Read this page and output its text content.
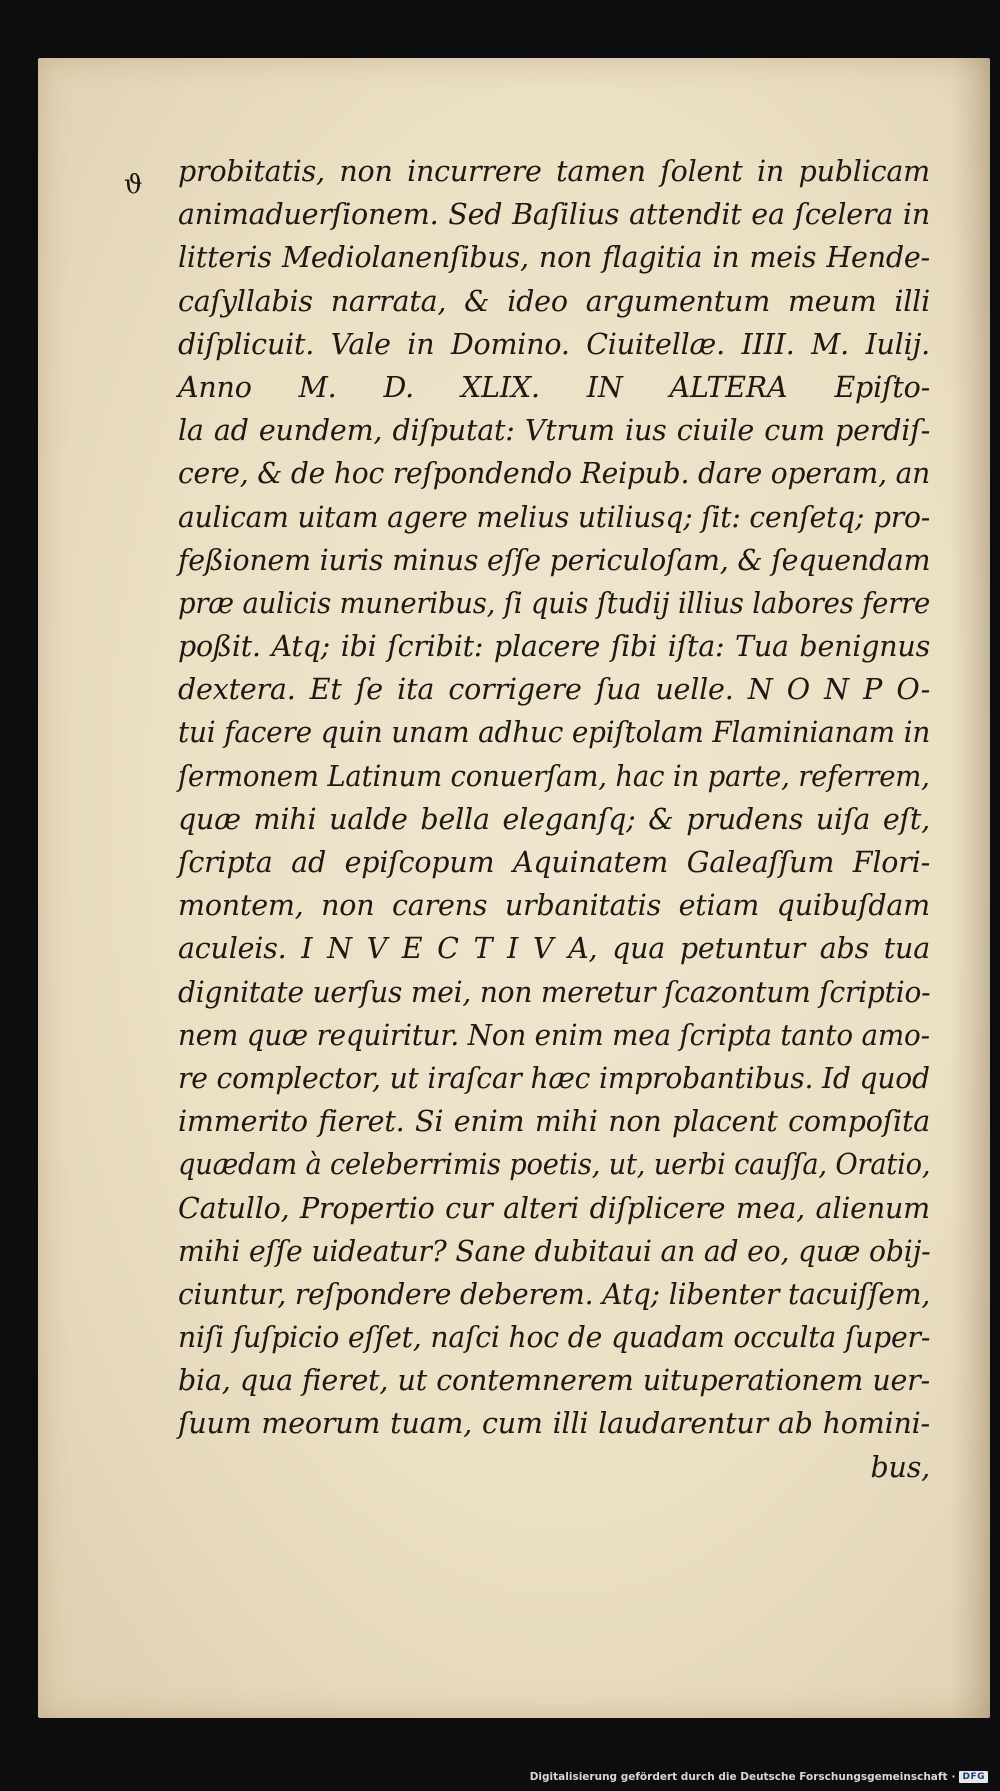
ϑ probitatis, non incurrere tamen ſolent in publicam
animaduerſionem. Sed Baſilius attendit ea ſcelera in
litteris Mediolanenſibus, non flagitia in meis Hende-
caſyllabis narrata, & ideo argumentum meum illi
diſplicuit. Vale in Domino. Ciuitellæ. IIII. M. Iulij.
Anno M. D. XLIX. IN ALTERA Epiſto-
la ad eundem, diſputat: Vtrum ius ciuile cum perdiſ-
cere, & de hoc reſpondendo Reipub. dare operam, an
aulicam uitam agere melius utiliusq; ſit: cenſetq; pro-
feßionem iuris minus eſſe periculoſam, & ſequendam
præ aulicis muneribus, ſi quis ſtudij illius labores ferre
poßit. Atq; ibi ſcribit: placere ſibi iſta: Tua benignus
dextera. Et ſe ita corrigere ſua uelle. N O N P O-
tui facere quin unam adhuc epiſtolam Flaminianam in
ſermonem Latinum conuerſam, hac in parte, referrem,
quæ mihi ualde bella eleganſq; & prudens uiſa eſt,
ſcripta ad epiſcopum Aquinatem Galeaſſum Flori-
montem, non carens urbanitatis etiam quibuſdam
aculeis. I N V E C T I V A, qua petuntur abs tua
dignitate uerſus mei, non meretur ſcazontum ſcriptio-
nem quæ requiritur. Non enim mea ſcripta tanto amo-
re complector, ut iraſcar hæc improbantibus. Id quod
immerito fieret. Si enim mihi non placent compoſita
quædam à celeberrimis poetis, ut, uerbi cauſſa, Oratio,
Catullo, Propertio cur alteri diſplicere mea, alienum
mihi eſſe uideatur? Sane dubitaui an ad eo, quæ obij-
ciuntur, reſpondere deberem. Atq; libenter tacuiſſem,
niſi ſuſpicio eſſet, naſci hoc de quadam occulta ſuper-
bia, qua fieret, ut contemnerem uituperationem uer-
ſuum meorum tuam, cum illi laudarentur ab homini-
bus,
Digitalisierung gefördert durch die Deutsche Forschungsgemeinschaft · DFG
